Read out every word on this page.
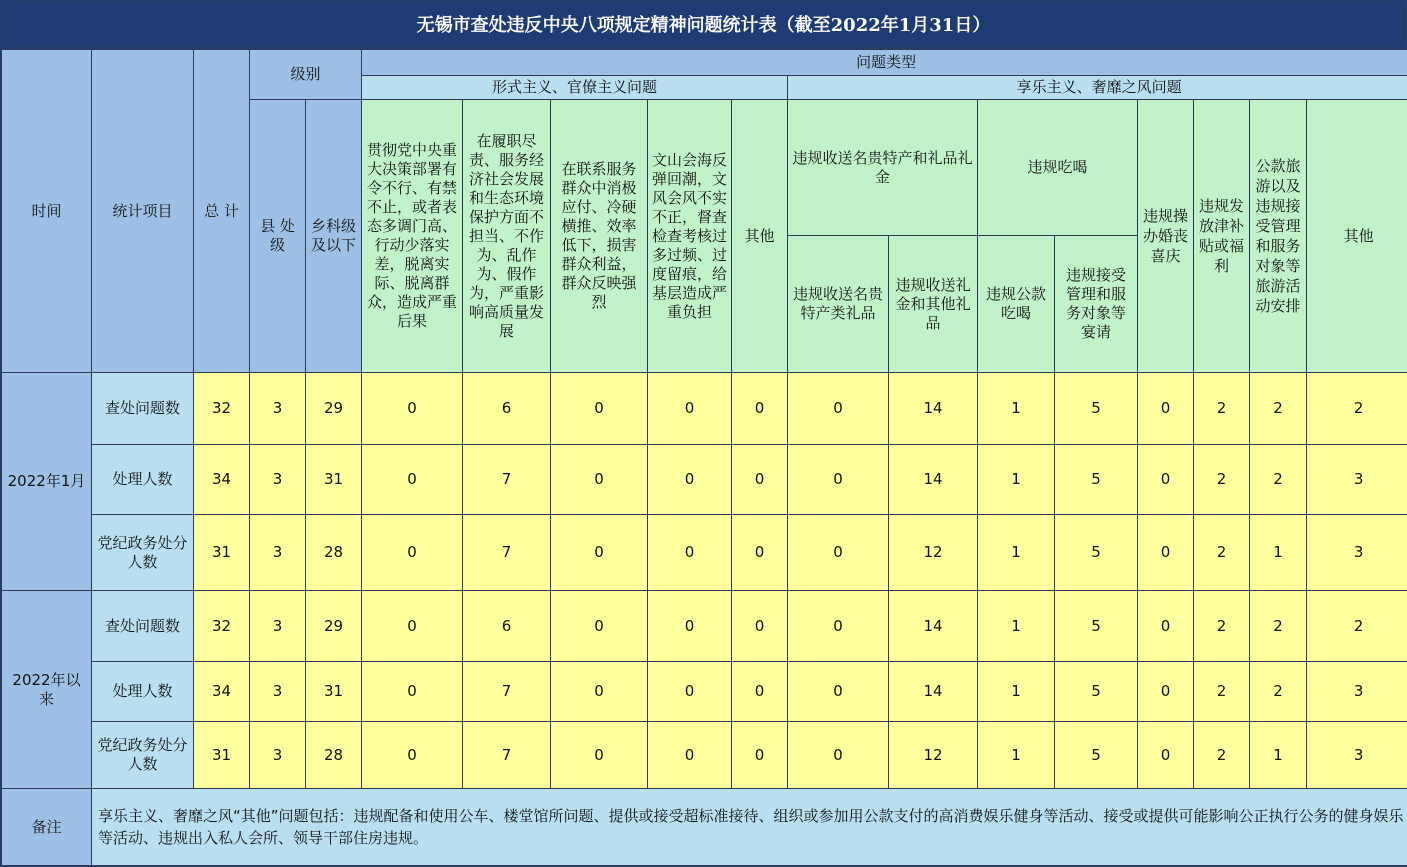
无锡市查处违反中央八项规定精神问题统计表（截至2022年1月31日）
时间	统计项目	总 计	级别		问题类型												
					形式主义、官僚主义问题					享乐主义、奢靡之风问题							
			县 处级	乡科级及以下	贯彻党中央重大决策部署有令不行、有禁不止，或者表态多调门高、行动少落实差，脱离实际、脱离群众，造成严重后果	在履职尽责、服务经济社会发展和生态环境保护方面不担当、不作为、乱作为、假作为，严重影响高质量发展	在联系服务群众中消极应付、冷硬横推、效率低下，损害群众利益，群众反映强烈	文山会海反弹回潮，文风会风不实不正，督查检查考核过多过频、过度留痕，给基层造成严重负担	其他	违规收送名贵特产和礼品礼金		违规吃喝		违规操办婚丧喜庆	违规发放津补贴或福利	公款旅游以及违规接受管理和服务对象等旅游活动安排	其他
										违规收送名贵特产类礼品	违规收送礼金和其他礼品	违规公款吃喝	违规接受管理和服务对象等宴请				
2022年1月	查处问题数	32	3	29	0	6	0	0	0	0	14	1	5	0	2	2	2
	处理人数	34	3	31	0	7	0	0	0	0	14	1	5	0	2	2	3
	党纪政务处分人数	31	3	28	0	7	0	0	0	0	12	1	5	0	2	1	3
2022年以来	查处问题数	32	3	29	0	6	0	0	0	0	14	1	5	0	2	2	2
	处理人数	34	3	31	0	7	0	0	0	0	14	1	5	0	2	2	3
	党纪政务处分人数	31	3	28	0	7	0	0	0	0	12	1	5	0	2	1	3
备注	享乐主义、奢靡之风“其他”问题包括：违规配备和使用公车、楼堂馆所问题、提供或接受超标准接待、组织或参加用公款支付的高消费娱乐健身等活动、接受或提供可能影响公正执行公务的健身娱乐等活动、违规出入私人会所、领导干部住房违规。																
